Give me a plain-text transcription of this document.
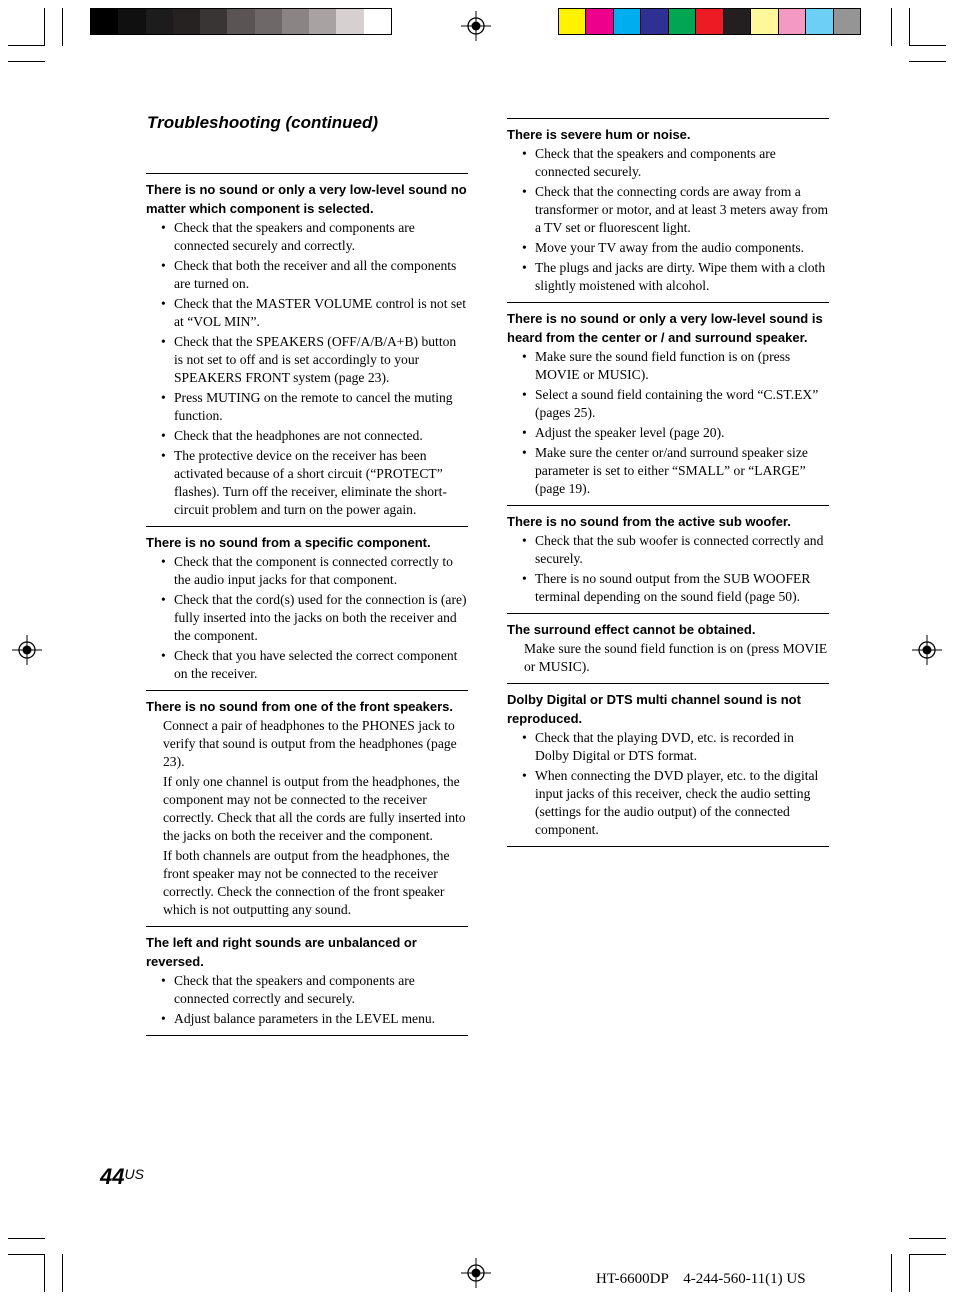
Troubleshooting (continued)
There is no sound or only a very low-level sound no matter which component is selected.
• Check that the speakers and components are connected securely and correctly.
• Check that both the receiver and all the components are turned on.
• Check that the MASTER VOLUME control is not set at “VOL MIN”.
• Check that the SPEAKERS (OFF/A/B/A+B) button is not set to off and is set accordingly to your SPEAKERS FRONT system (page 23).
• Press MUTING on the remote to cancel the muting function.
• Check that the headphones are not connected.
• The protective device on the receiver has been activated because of a short circuit (“PROTECT” flashes). Turn off the receiver, eliminate the short-circuit problem and turn on the power again.
There is no sound from a specific component.
• Check that the component is connected correctly to the audio input jacks for that component.
• Check that the cord(s) used for the connection is (are) fully inserted into the jacks on both the receiver and the component.
• Check that you have selected the correct component on the receiver.
There is no sound from one of the front speakers.

Connect a pair of headphones to the PHONES jack to verify that sound is output from the headphones (page 23).

If only one channel is output from the headphones, the component may not be connected to the receiver correctly. Check that all the cords are fully inserted into the jacks on both the receiver and the component.

If both channels are output from the headphones, the front speaker may not be connected to the receiver correctly. Check the connection of the front speaker which is not outputting any sound.

The left and right sounds are unbalanced or reversed.
• Check that the speakers and components are connected correctly and securely.
• Adjust balance parameters in the LEVEL menu.
There is severe hum or noise.
• Check that the speakers and components are connected securely.
• Check that the connecting cords are away from a transformer or motor, and at least 3 meters away from a TV set or fluorescent light.
• Move your TV away from the audio components.
• The plugs and jacks are dirty. Wipe them with a cloth slightly moistened with alcohol.
There is no sound or only a very low-level sound is heard from the center or / and surround speaker.
• Make sure the sound field function is on (press MOVIE or MUSIC).
• Select a sound field containing the word “C.ST.EX” (pages 25).
• Adjust the speaker level (page 20).
• Make sure the center or/and surround speaker size parameter is set to either “SMALL” or “LARGE” (page 19).
There is no sound from the active sub woofer.
• Check that the sub woofer is connected correctly and securely.
• There is no sound output from the SUB WOOFER terminal depending on the sound field (page 50).
The surround effect cannot be obtained.

Make sure the sound field function is on (press MOVIE or MUSIC).

Dolby Digital or DTS multi channel sound is not reproduced.
• Check that the playing DVD, etc. is recorded in Dolby Digital or DTS format.
• When connecting the DVD player, etc. to the digital input jacks of this receiver, check the audio setting (settings for the audio output) of the connected component.
$44^{US}$
HT-6600DP 4-244-560-11(1) US
